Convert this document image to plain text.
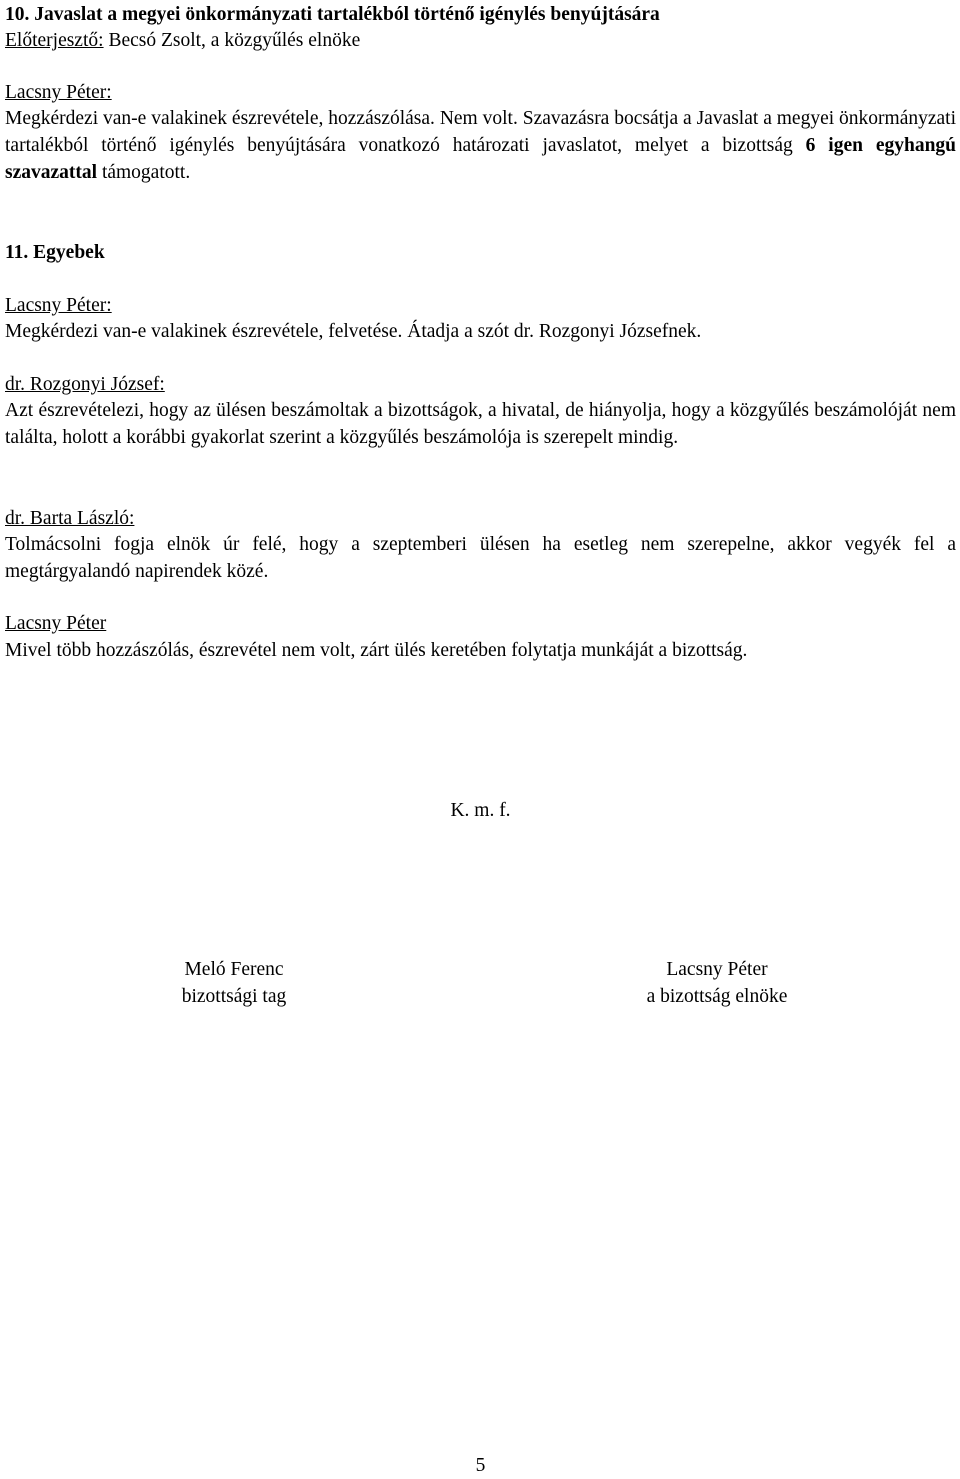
10. Javaslat a megyei önkormányzati tartalékból történő igénylés benyújtására

Előterjesztő: Becsó Zsolt, a közgyűlés elnöke

Lacsny Péter:

Megkérdezi van-e valakinek észrevétele, hozzászólása. Nem volt. Szavazásra bocsátja a Javaslat a megyei önkormányzati tartalékból történő igénylés benyújtására vonatkozó határozati javaslatot, melyet a bizottság 6 igen egyhangú szavazattal támogatott.

11. Egyebek

Lacsny Péter:

Megkérdezi van-e valakinek észrevétele, felvetése. Átadja a szót dr. Rozgonyi Józsefnek.

dr. Rozgonyi József:

Azt észrevételezi, hogy az ülésen beszámoltak a bizottságok, a hivatal, de hiányolja, hogy a közgyűlés beszámolóját nem találta, holott a korábbi gyakorlat szerint a közgyűlés beszámolója is szerepelt mindig.

dr. Barta László:

Tolmácsolni fogja elnök úr felé, hogy a szeptemberi ülésen ha esetleg nem szerepelne, akkor vegyék fel a megtárgyalandó napirendek közé.

Lacsny Péter

Mivel több hozzászólás, észrevétel nem volt, zárt ülés keretében folytatja munkáját a bizottság.

K. m. f.

Meló Ferenc

bizottsági tag

Lacsny Péter

a bizottság elnöke

5
